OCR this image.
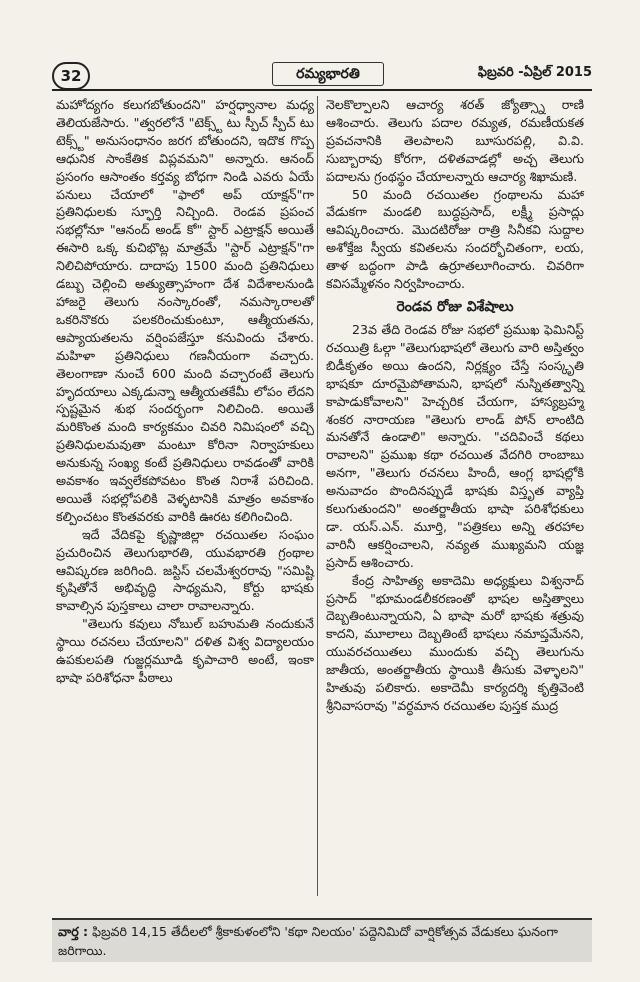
32	రమ్యభారతి	ఫిబ్రవరి -ఏప్రిల్ 2015

మహోద్యగం కలుగబోతుందని" హర్షధ్వానాల మధ్య తెలియజేసారు. "త్వరలోనే "టెక్స్ట్ టు స్పీచ్ స్పీచ్ టు టెక్స్ట్" అనుసంధానం జరగ బోతుందని, ఇదొక గొప్ప ఆధునిక సాంకేతిక విప్లవమని" అన్నారు. ఆనంద్ ప్రసంగం ఆసాంతం కర్తవ్య బోధగా నిండి ఎవరు ఏయే పనులు చేయాలో "ఫాలో అప్ యాక్షన్"గా ప్రతినిధులకు స్ఫూర్తి నిచ్చింది. రెండవ ప్రపంచ సభల్లోనూ "ఆనంద్ అండ్ కో" స్టార్ ఎట్రాక్షన్ అయితే ఈసారి ఒక్క కుచిభొట్ల మాత్రమే "స్టార్ ఎట్రాక్షన్"గా నిలిచిపోయారు. దాదాపు 1500 మంది ప్రతినిధులు డబ్బు చెల్లించి అత్యుత్సాహంగా దేశ విదేశాలనుండి హాజరై తెలుగు నంస్కారంతో, నమస్కారాలతో ఒకరినొకరు పలకరించుకుంటూ, ఆత్మీయతను, ఆప్యాయతలను వర్షింపజేస్తూ కనువిందు చేశారు. మహిళా ప్రతినిధులు గణనీయంగా వచ్చారు. తెలంగాణా నుంచే 600 మంది వచ్చారంటే తెలుగు హృదయాలు ఎక్కడున్నా ఆత్మీయతకేమీ లోపం లేదని స్పష్టమైన శుభ సందర్భంగా నిలిచింది. అయితే మరికొంత మంది కార్యకమం చివరి నిమిషంలో వచ్చి ప్రతినిధులమవుతా మంటూ కోరినా నిర్వాహకులు అనుకున్న సంఖ్య కంటే ప్రతినిధులు రావడంతో వారికి అవకాశం ఇవ్వలేకపోవటం కొంత నిరాశే పరిచింది. అయితే సభల్లోపలికి వెళ్ళటానికి మాత్రం అవకాశం కల్పించటం కొంతవరకు వారికి ఊరట కలిగించింది.

ఇదే వేదికపై కృష్ణాజిల్లా రచయితల సంఘం ప్రచురించిన తెలుగుభారతి, యువభారతి గ్రంథాల ఆవిష్కరణ జరిగింది. జస్టిస్ చలమేశ్వరరావు "సమిష్టి కృషితోనే అభివృద్ధి సాధ్యమని, కోర్టు భాషకు కావాల్సిన పుస్తకాలు చాలా రావాలన్నారు.

"తెలుగు కవులు నోబుల్ బహుమతి నందుకునే స్థాయి రచనలు చేయాలని" దళిత విశ్వ విద్యాలయం ఉపకులపతి గుజ్జర్లమూడి కృపాచారి అంటే, ఇంకా భాషా పరిశోధనా పీఠాలు

నెలకొల్పాలని ఆచార్య శరత్ జ్యోత్స్నా రాణి ఆశించారు. తెలుగు పదాల రమ్యత, రమణీయకత ప్రవచనానికి తెలపాలని బూసురపల్లి, వి.వి. సుబ్బారావు కోరగా, దళితవాడల్లో అచ్చ తెలుగు పదాలను గ్రంథస్థం చేయాలన్నారు ఆచార్య శిఖామణి.

50 మంది రచయితల గ్రంథాలను మహా వేడుకగా మండలి బుద్ధప్రసాద్, లక్ష్మీ ప్రసాద్లు ఆవిష్కరించారు. మొదటిరోజు రాత్రి సినీకవి సుద్దాల అశోక్తేజ స్వీయ కవితలను సందర్భోచితంగా, లయ, తాళ బద్ధంగా పాడి ఉర్రూతలూగించారు. చివరిగా కవిసమ్మేళనం నిర్వహించారు.

రెండవ రోజు విశేషాలు

23వ తేది రెండవ రోజు సభలో ప్రముఖ ఫెమినిస్ట్ రచయిత్రి ఓల్గా "తెలుగుభాషలో తెలుగు వారి అస్తిత్వం బిడీకృతం అయి ఉందని, నిర్లక్ష్యం చేస్తే సంస్కృతి భాషకూ దూరమైపోతామని, భాషలో నుస్నితత్వాన్ని కాపాడుకోవాలని" హెచ్చరిక చేయగా, హాస్యబ్రహ్మ శంకర నారాయణ "తెలుగు లాండ్ పోన్ లాంటిది మనతోనే ఉండాలి" అన్నారు. "చదివించే కథలు రావాలని" ప్రముఖ కథా రచయిత వేదగిరి రాంబాబు అనగా, "తెలుగు రచనలు హిందీ, ఆంగ్ల భాషల్లోకి అనువాదం పొందినప్పుడే భాషకు విస్తృత వ్యాప్తి కలుగుతుందని" అంతర్జాతీయ భాషా పరిశోధకులు డా. యస్.ఎన్. మూర్తి, "పత్రికలు అన్ని తరహాల వారినీ ఆకర్షించాలని, నవ్యత ముఖ్యమని యజ్ఞ ప్రసాద్ ఆశించారు.

కేంద్ర సాహిత్య అకాదెమి అధ్యక్షులు విశ్వనాద్ ప్రసాద్ "భూమండలీకరణంతో భాషల అస్తిత్వాలు దెబ్బతింటున్నాయని, ఏ భాషా మరో భాషకు శత్రువు కాదని, మూలాలు దెబ్బతింటే భాషలు నమాప్తమేనని, యువరచయితలు ముందుకు వచ్చి తెలుగును జాతీయ, అంతర్జాతీయ స్థాయికి తీసుకు వెళ్ళాలని" హితువు పలికారు. అకాదెమీ కార్యదర్శి కృత్తివెంటి శ్రీనివాసరావు "వర్ధమాన రచయితల పుస్తక ముద్ర

వార్త : ఫిబ్రవరి 14,15 తేదీలలో శ్రీకాకుళంలోని 'కథా నిలయం' పద్దెనిమిదో వార్షికోత్సవ వేడుకలు ఘనంగా జరిగాయి.
